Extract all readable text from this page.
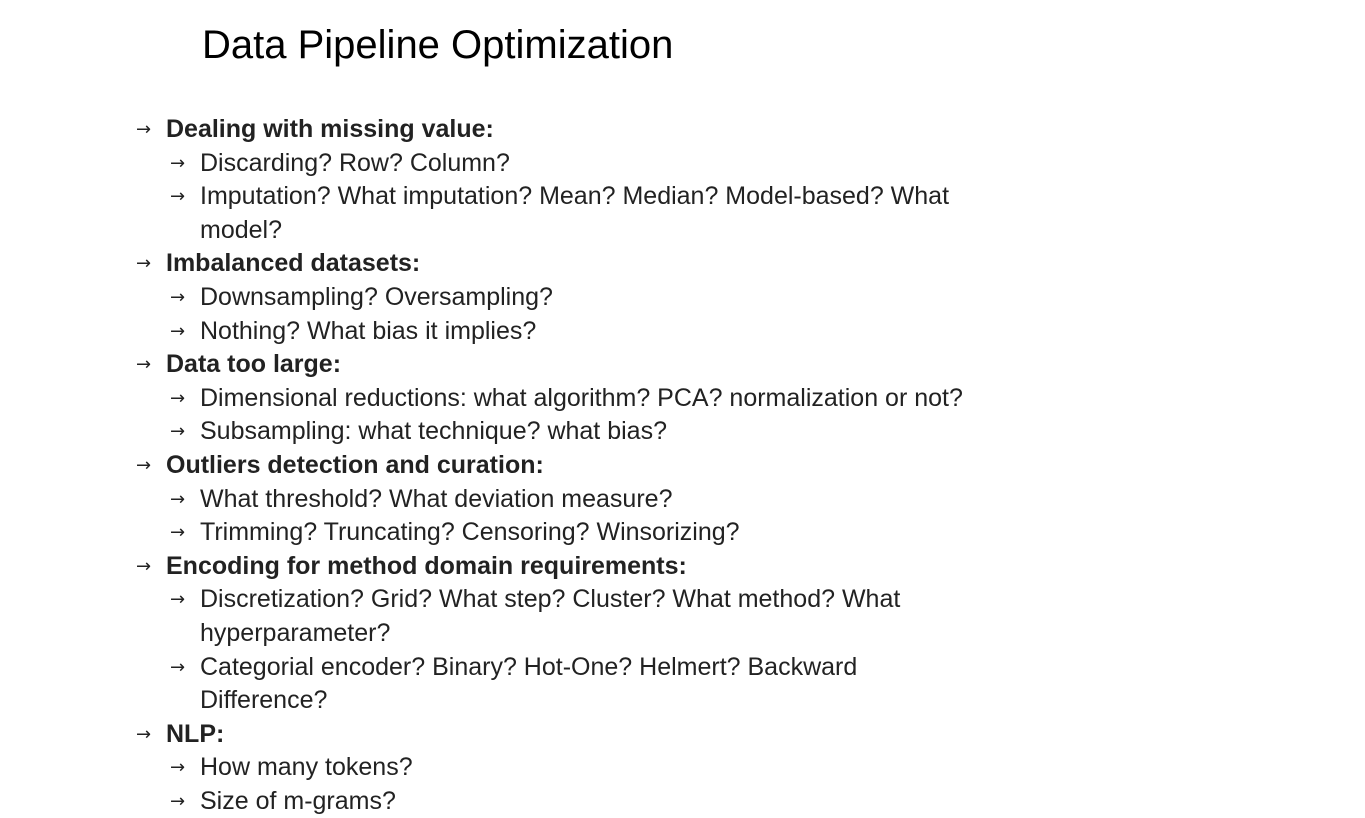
Data Pipeline Optimization
→ Dealing with missing value:
→ Discarding? Row? Column?
→ Imputation? What imputation? Mean? Median? Model-based? What model?
→ Imbalanced datasets:
→ Downsampling? Oversampling?
→ Nothing? What bias it implies?
→ Data too large:
→ Dimensional reductions: what algorithm? PCA? normalization or not?
→ Subsampling: what technique? what bias?
→ Outliers detection and curation:
→ What threshold? What deviation measure?
→ Trimming? Truncating? Censoring? Winsorizing?
→ Encoding for method domain requirements:
→ Discretization? Grid? What step? Cluster? What method? What hyperparameter?
→ Categorial encoder? Binary? Hot-One? Helmert? Backward Difference?
→ NLP:
→ How many tokens?
→ Size of m-grams?
